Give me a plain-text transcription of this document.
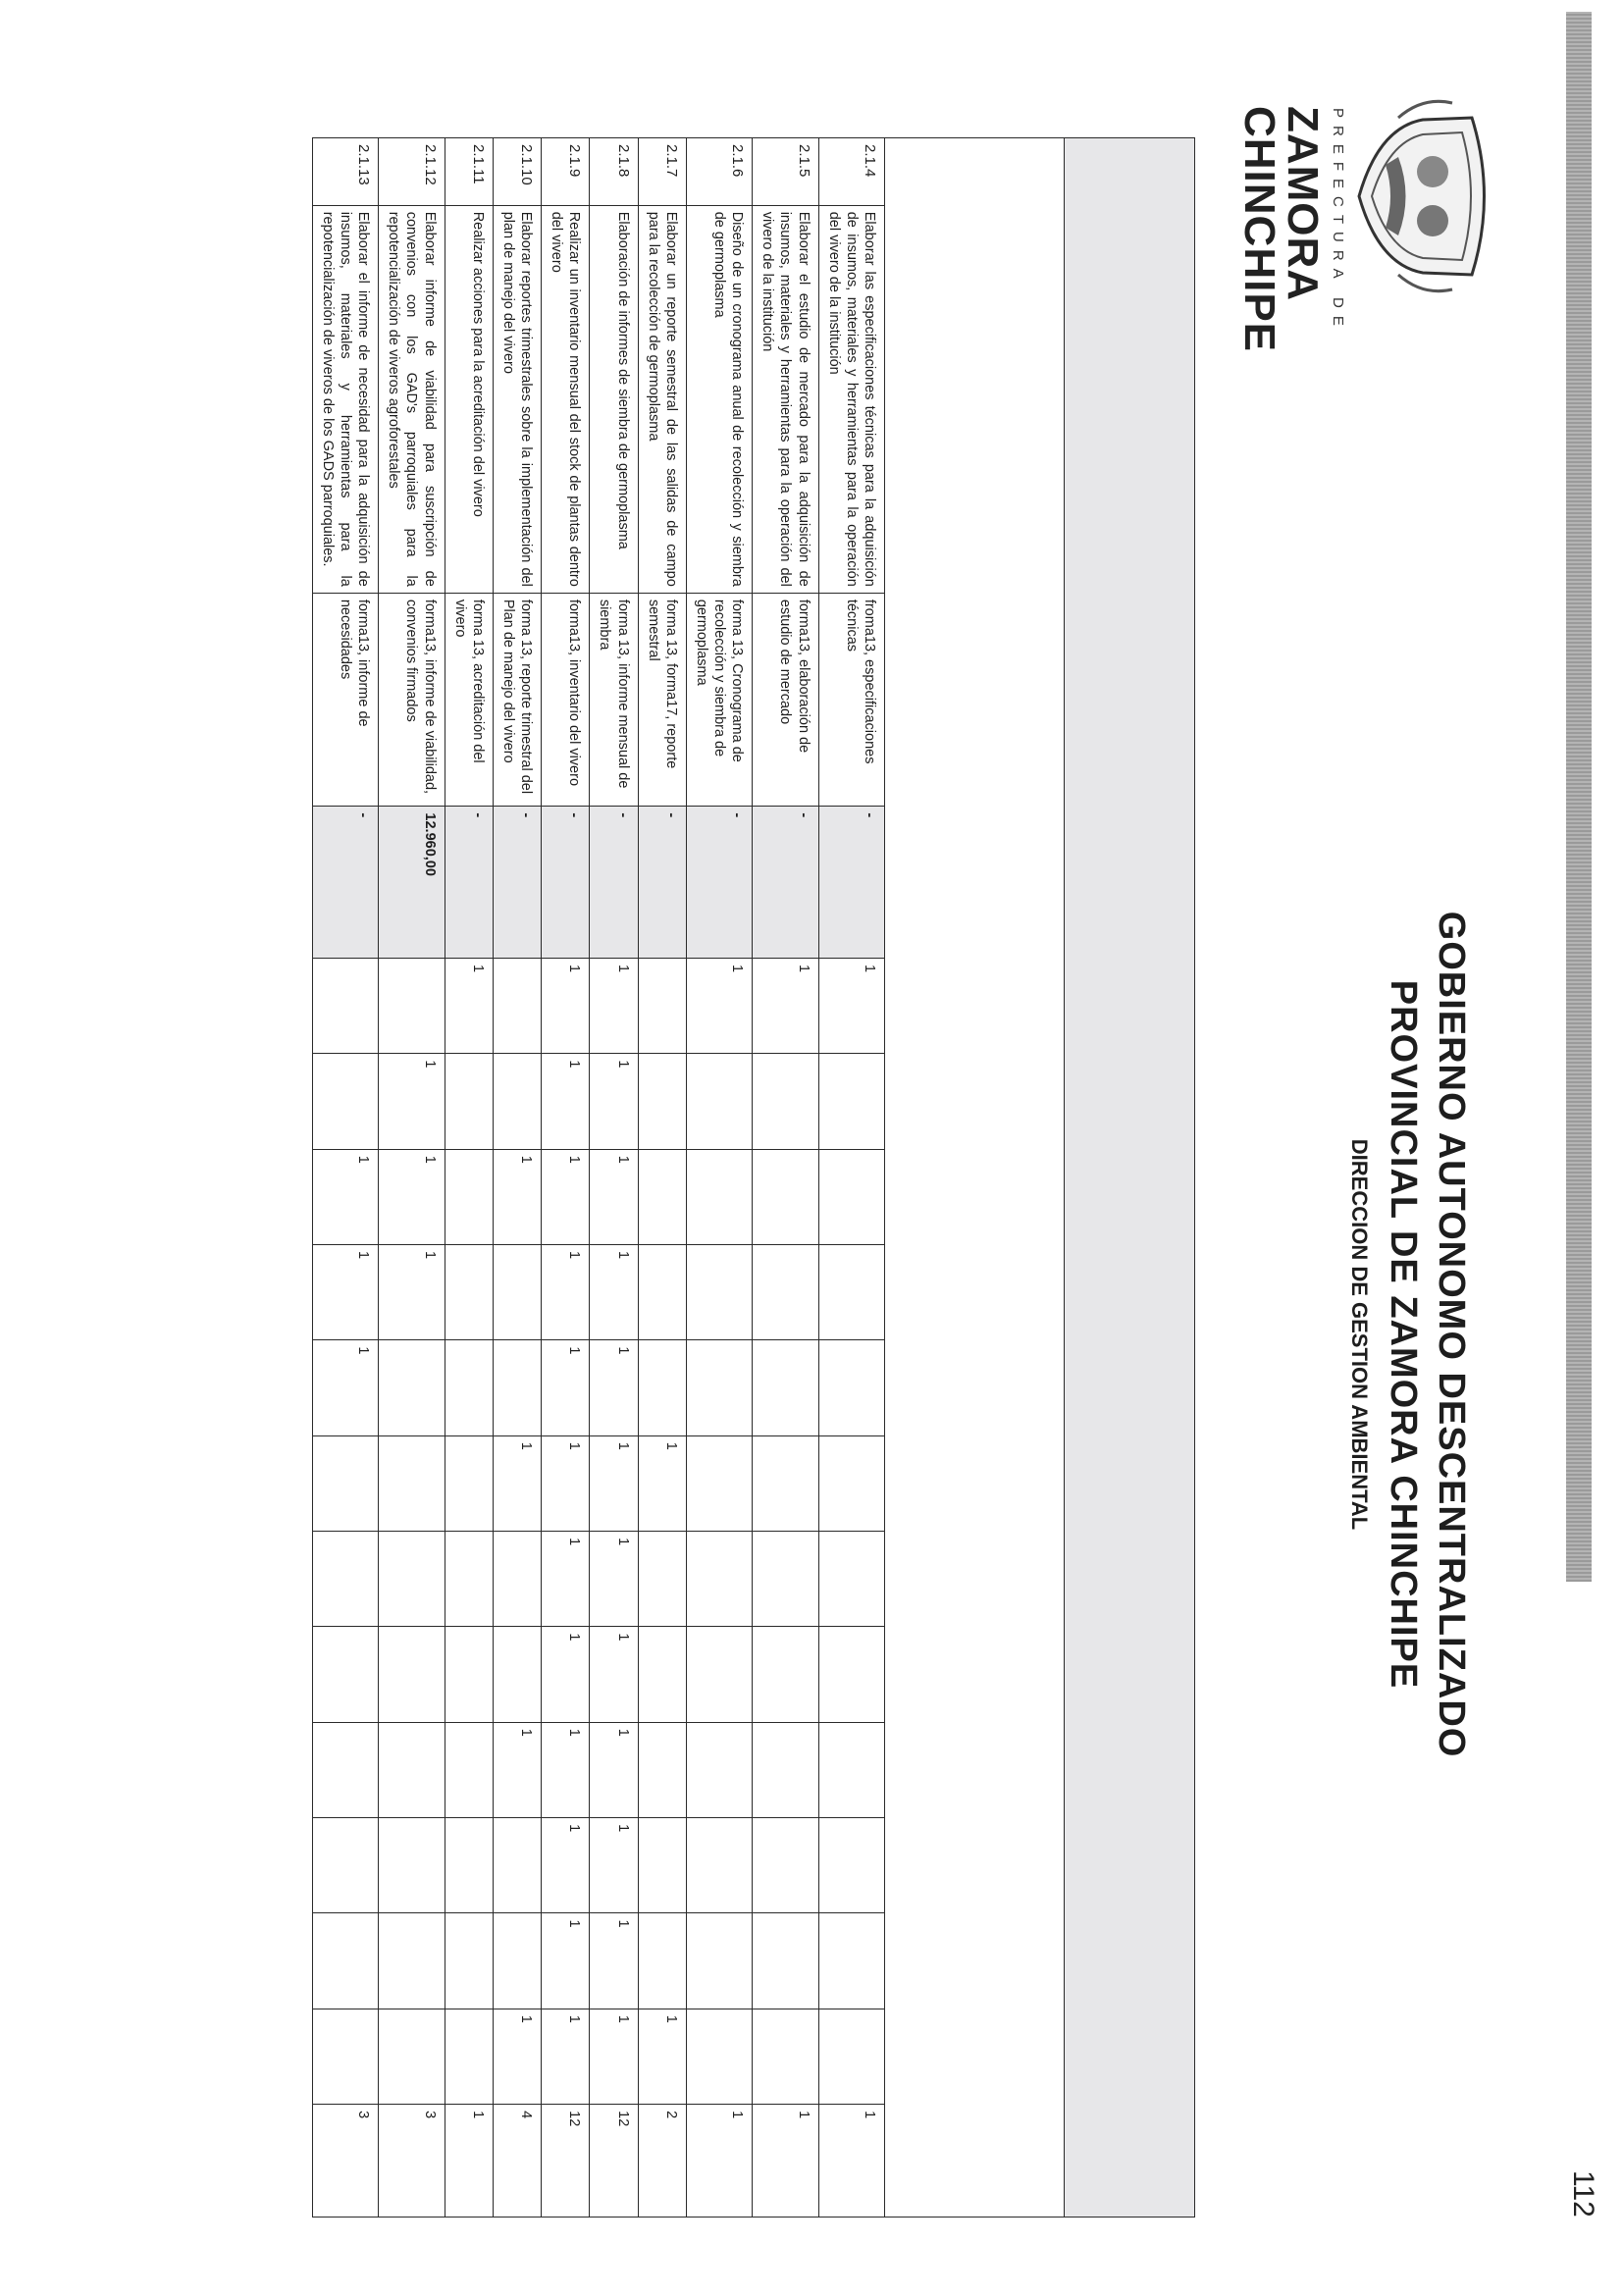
PREFECTURA DE
ZAMORA
CHINCHIPE
GOBIERNO AUTONOMO DESCENTRALIZADO
PROVINCIAL DE ZAMORA CHINCHIPE
DIRECCION DE GESTION AMBIENTAL

2.1.4	Elaborar las especificaciones técnicas para la adquisición de insumos, materiales y herramientas para la operación del vivero de la institución	froma13, especificaciones técnicas	-	1												1
2.1.5	Elaborar el estudio de mercado para la adquisición de insumos, materiales y herramientas para la operación del vivero de la institución	forma13, elaboración de estudio de mercado	-	1												1
2.1.6	Diseño de un cronograma anual de recolección y siembra de germoplasma	forma 13, Cronograma de recolección y siembra de germoplasma	-	1												1
2.1.7	Elaborar un reporte semestral de las salidas de campo para la recolección de germoplasma	forma 13, forma17, reporte semestral	-						1						1	2
2.1.8	Elaboración de informes de siembra de germoplasma	forma 13, informe mensual de siembra	-	1	1	1	1	1	1	1	1	1	1	1	1	12
2.1.9	Realizar un inventario mensual del stock de plantas dentro del vivero	forma13, inventario del vivero	-	1	1	1	1	1	1	1	1	1	1	1	1	12
2.1.10	Elaborar reportes trimestrales sobre la implementación del plan de manejo del vivero	forma 13, reporte trimestral del Plan de manejo del vivero	-			1			1			1			1	4
2.1.11	Realizar acciones para la acreditación del vivero	forma 13, acreditación del vivero	-	1												1
2.1.12	Elaborar informe de viabilidad para suscripción de convenios con los GAD's parroquiales para la repotencialización de viveros agroforestales	forma13, informe de viabilidad, convenios firmados	12.960,00		1	1	1									3
2.1.13	Elaborar el informe de necesidad para la adquisición de insumos, materiales y herramientas para la repotencialización de viveros de los GADS parroquiales.	forma13, informe de necesidades	-			1	1	1								3
112
